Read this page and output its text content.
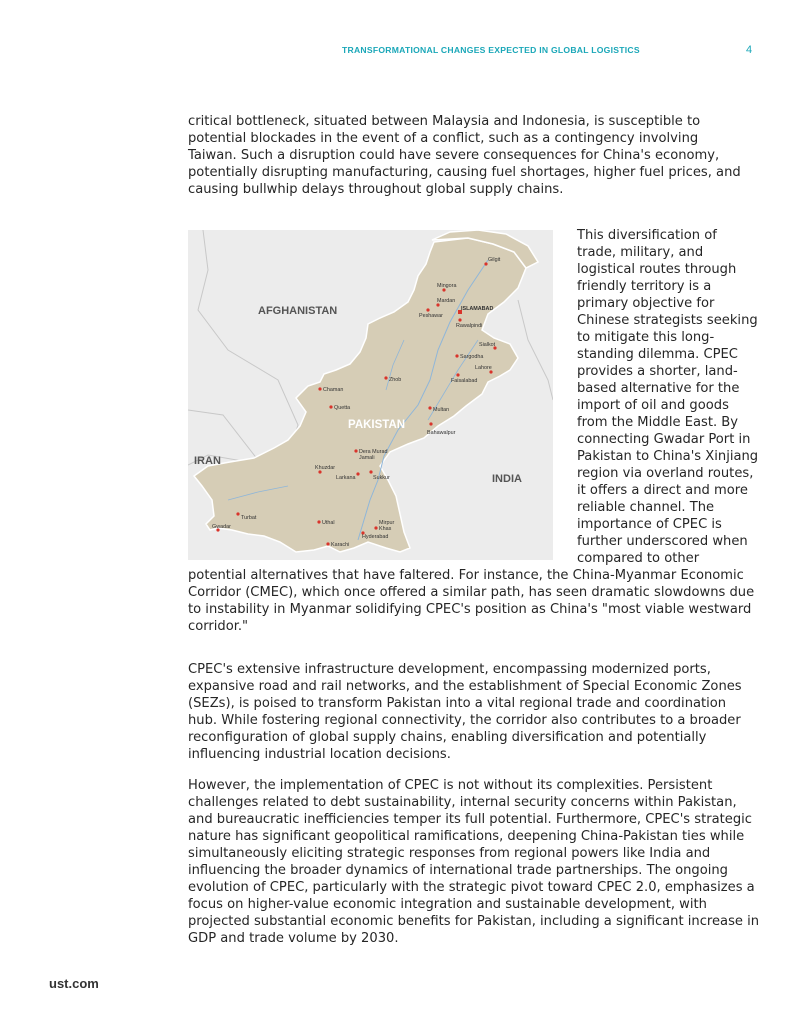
TRANSFORMATIONAL CHANGES EXPECTED IN GLOBAL LOGISTICS	4

critical bottleneck, situated between Malaysia and Indonesia, is susceptible to potential blockades in the event of a conflict, such as a contingency involving Taiwan. Such a disruption could have severe consequences for China's economy, potentially disrupting manufacturing, causing fuel shortages, higher fuel prices, and causing bullwhip delays throughout global supply chains.

AFGHANISTAN
IRAN
INDIA
PAKISTAN
Gilgit
Mingora
Mardan
ISLAMABAD
Peshawar
Rawalpindi
Sialkot
Sargodha
Lahore
Faisalabad
Zhob
Chaman
Quetta	Multan
Bahawalpur
Dera Murad
Jamali
Khuzdar
Larkana	Sukkur
Turbat
Gwadar
Uthal	Mirpur
Khas
Hyderabad
Karachi

This diversification of trade, military, and logistical routes through friendly territory is a primary objective for Chinese strategists seeking to mitigate this long-standing dilemma. CPEC provides a shorter, land-based alternative for the import of oil and goods from the Middle East. By connecting Gwadar Port in Pakistan to China's Xinjiang region via overland routes, it offers a direct and more reliable channel. The importance of CPEC is further underscored when compared to other potential alternatives that have faltered. For instance, the China-Myanmar Economic Corridor (CMEC), which once offered a similar path, has seen dramatic slowdowns due to instability in Myanmar solidifying CPEC's position as China's "most viable westward corridor."

CPEC's extensive infrastructure development, encompassing modernized ports, expansive road and rail networks, and the establishment of Special Economic Zones (SEZs), is poised to transform Pakistan into a vital regional trade and coordination hub. While fostering regional connectivity, the corridor also contributes to a broader reconfiguration of global supply chains, enabling diversification and potentially influencing industrial location decisions.

However, the implementation of CPEC is not without its complexities. Persistent challenges related to debt sustainability, internal security concerns within Pakistan, and bureaucratic inefficiencies temper its full potential. Furthermore, CPEC's strategic nature has significant geopolitical ramifications, deepening China-Pakistan ties while simultaneously eliciting strategic responses from regional powers like India and influencing the broader dynamics of international trade partnerships. The ongoing evolution of CPEC, particularly with the strategic pivot toward CPEC 2.0, emphasizes a focus on higher-value economic integration and sustainable development, with projected substantial economic benefits for Pakistan, including a significant increase in GDP and trade volume by 2030.

ust.com
